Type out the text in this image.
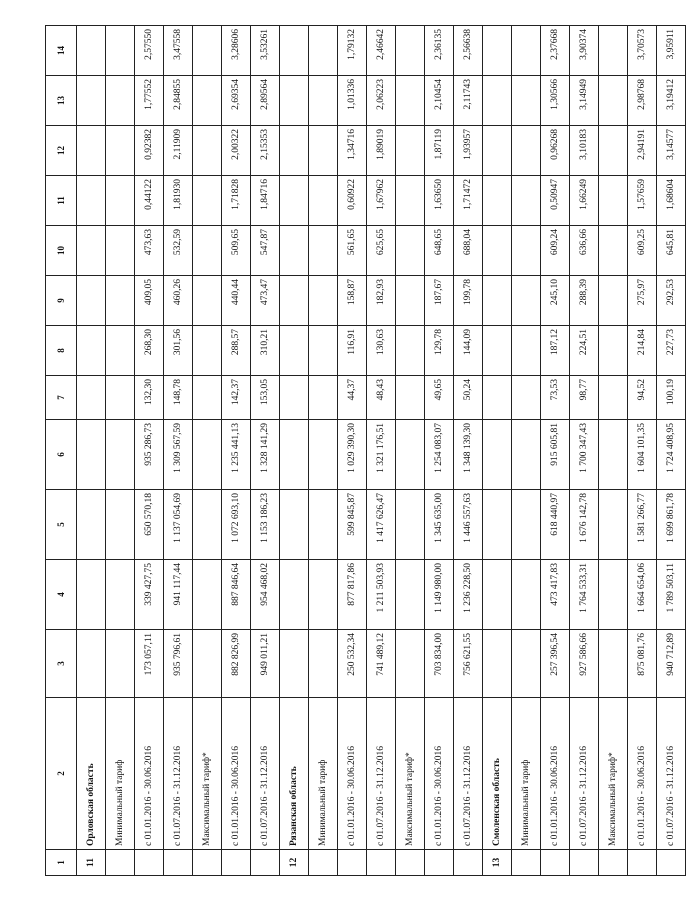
1	2	3	4	5	6	7	8	9	10	11	12	13	14
11	Орловская область												
	Минимальный тариф												
	с 01.01.2016 - 30.06.2016	173 057,11	339 427,75	650 570,18	935 286,73	132,30	268,30	409,05	473,63	0,44122	0,92382	1,77552	2,57550
	с 01.07.2016 - 31.12.2016	935 796,61	941 117,44	1 137 054,69	1 309 567,59	148,78	301,56	460,26	532,59	1,81930	2,11909	2,84855	3,47558
	Максимальный тариф*												
	с 01.01.2016 - 30.06.2016	882 826,99	887 846,64	1 072 693,10	1 235 441,13	142,37	288,57	440,44	509,65	1,71828	2,00322	2,69354	3,28606
	с 01.07.2016 - 31.12.2016	949 011,21	954 468,02	1 153 186,23	1 328 141,29	153,05	310,21	473,47	547,87	1,84716	2,15353	2,89564	3,53261
12	Рязанская область												
	Минимальный тариф												
	с 01.01.2016 - 30.06.2016	250 532,34	877 817,86	599 845,87	1 029 390,30	44,37	116,91	158,87	561,65	0,60922	1,34716	1,01336	1,79132
	с 01.07.2016 - 31.12.2016	741 489,12	1 211 503,93	1 417 626,47	1 321 176,51	48,43	130,63	182,93	625,65	1,67962	1,89019	2,06223	2,46642
	Максимальный тариф*												
	с 01.01.2016 - 30.06.2016	703 834,00	1 149 980,00	1 345 635,00	1 254 083,07	49,65	129,78	187,67	648,65	1,63650	1,87119	2,10454	2,36135
	с 01.07.2016 - 31.12.2016	756 621,55	1 236 228,50	1 446 557,63	1 348 139,30	50,24	144,09	199,78	688,04	1,71472	1,93957	2,11743	2,56638
13	Смоленская область												
	Минимальный тариф												
	с 01.01.2016 - 30.06.2016	257 396,54	473 417,83	618 440,97	915 605,81	73,53	187,12	245,10	609,24	0,50947	0,96268	1,30566	2,37668
	с 01.07.2016 - 31.12.2016	927 586,66	1 764 533,31	1 676 142,78	1 700 347,43	98,77	224,51	288,39	636,66	1,66249	3,10183	3,14949	3,90374
	Максимальный тариф*												
	с 01.01.2016 - 30.06.2016	875 081,76	1 664 654,06	1 581 266,77	1 604 101,35	94,52	214,84	275,97	609,25	1,57659	2,94191	2,98768	3,70573
	с 01.07.2016 - 31.12.2016	940 712,89	1 789 503,11	1 699 861,78	1 724 408,95	100,19	227,73	292,53	645,81	1,68604	3,14577	3,19412	3,95911
